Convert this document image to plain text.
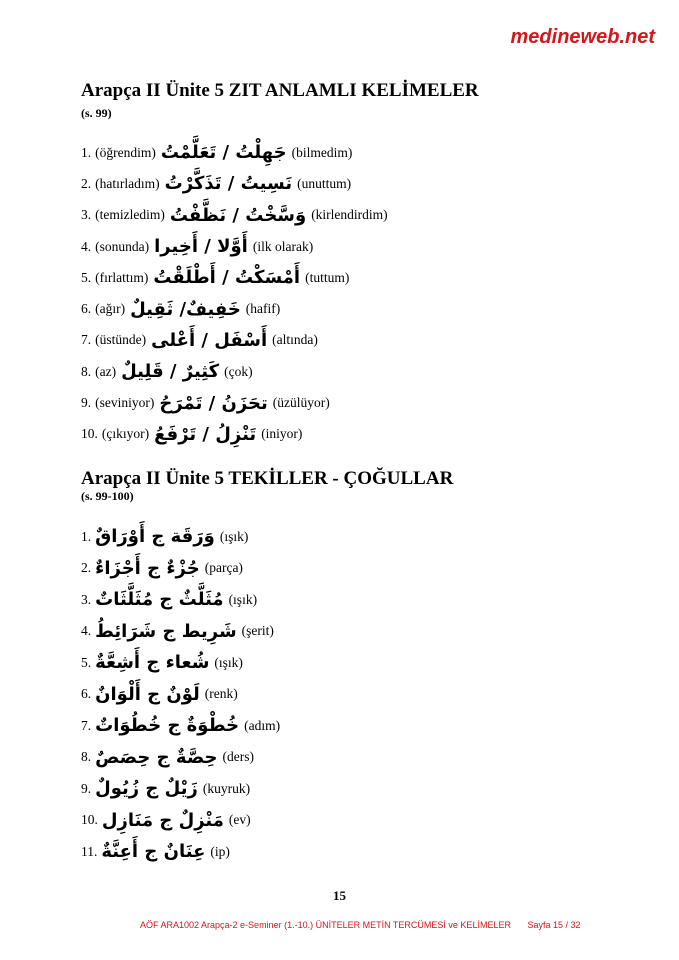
medineweb.net
Arapça II Ünite 5 ZIT ANLAMLI KELİMELER
(s. 99)
1. (öğrendim) جَهِلْتُ / تَعَلَّمْتُ (bilmedim)
2. (hatırladım) نَسِيتُ / تَذَكَّرْتُ (unuttum)
3. (temizledim) وَسَّخْتُ / نَظَّفْتُ (kirlendirdim)
4. (sonunda) أَوَّلا / أَخِيرا (ilk olarak)
5. (fırlattım) أَمْسَكْتُ / أَطْلَقْتُ (tuttum)
6. (ağır) خَفِيفٌ/ ثَقِيلٌ (hafif)
7. (üstünde) أَسْفَل / أَعْلى (altında)
8. (az) كَثِيرٌ / قَلِيلٌ (çok)
9. (seviniyor) تحَزَنُ / تَمْرَحُ (üzülüyor)
10. (çıkıyor) تَنْزِلُ / تَرْفَعُ (iniyor)
Arapça II Ünite 5 TEKİLLER - ÇOĞULLAR
(s. 99-100)
1. وَرَقَة ج أَوْرَاقٌ (ışık)
2. جُزْءٌ ج أَجْزَاءٌ (parça)
3. مُثَلَّثٌ ج مُثَلَّثَاتٌ (ışık)
4. شَرِيط ج شَرَائِطُ (şerit)
5. شُعاء ج أَشِعَّةٌ (ışık)
6. لَوْنٌ ج أَلْوَانٌ (renk)
7. خُطْوَةٌ ج خُطُوَاتٌ (adım)
8. حِصَّةٌ ج حِصَصٌ (ders)
9. زَيْلٌ ج زُيُولٌ (kuyruk)
10. مَنْزِلٌ ج مَنَازِل (ev)
11. عِنَانٌ ج أَعِنَّةٌ (ip)
15
AÖF ARA1002 Arapça-2 e-Seminer (1.-10.) ÜNİTELER METİN TERCÜMESİ ve KELİMELER Sayfa 15 / 32
